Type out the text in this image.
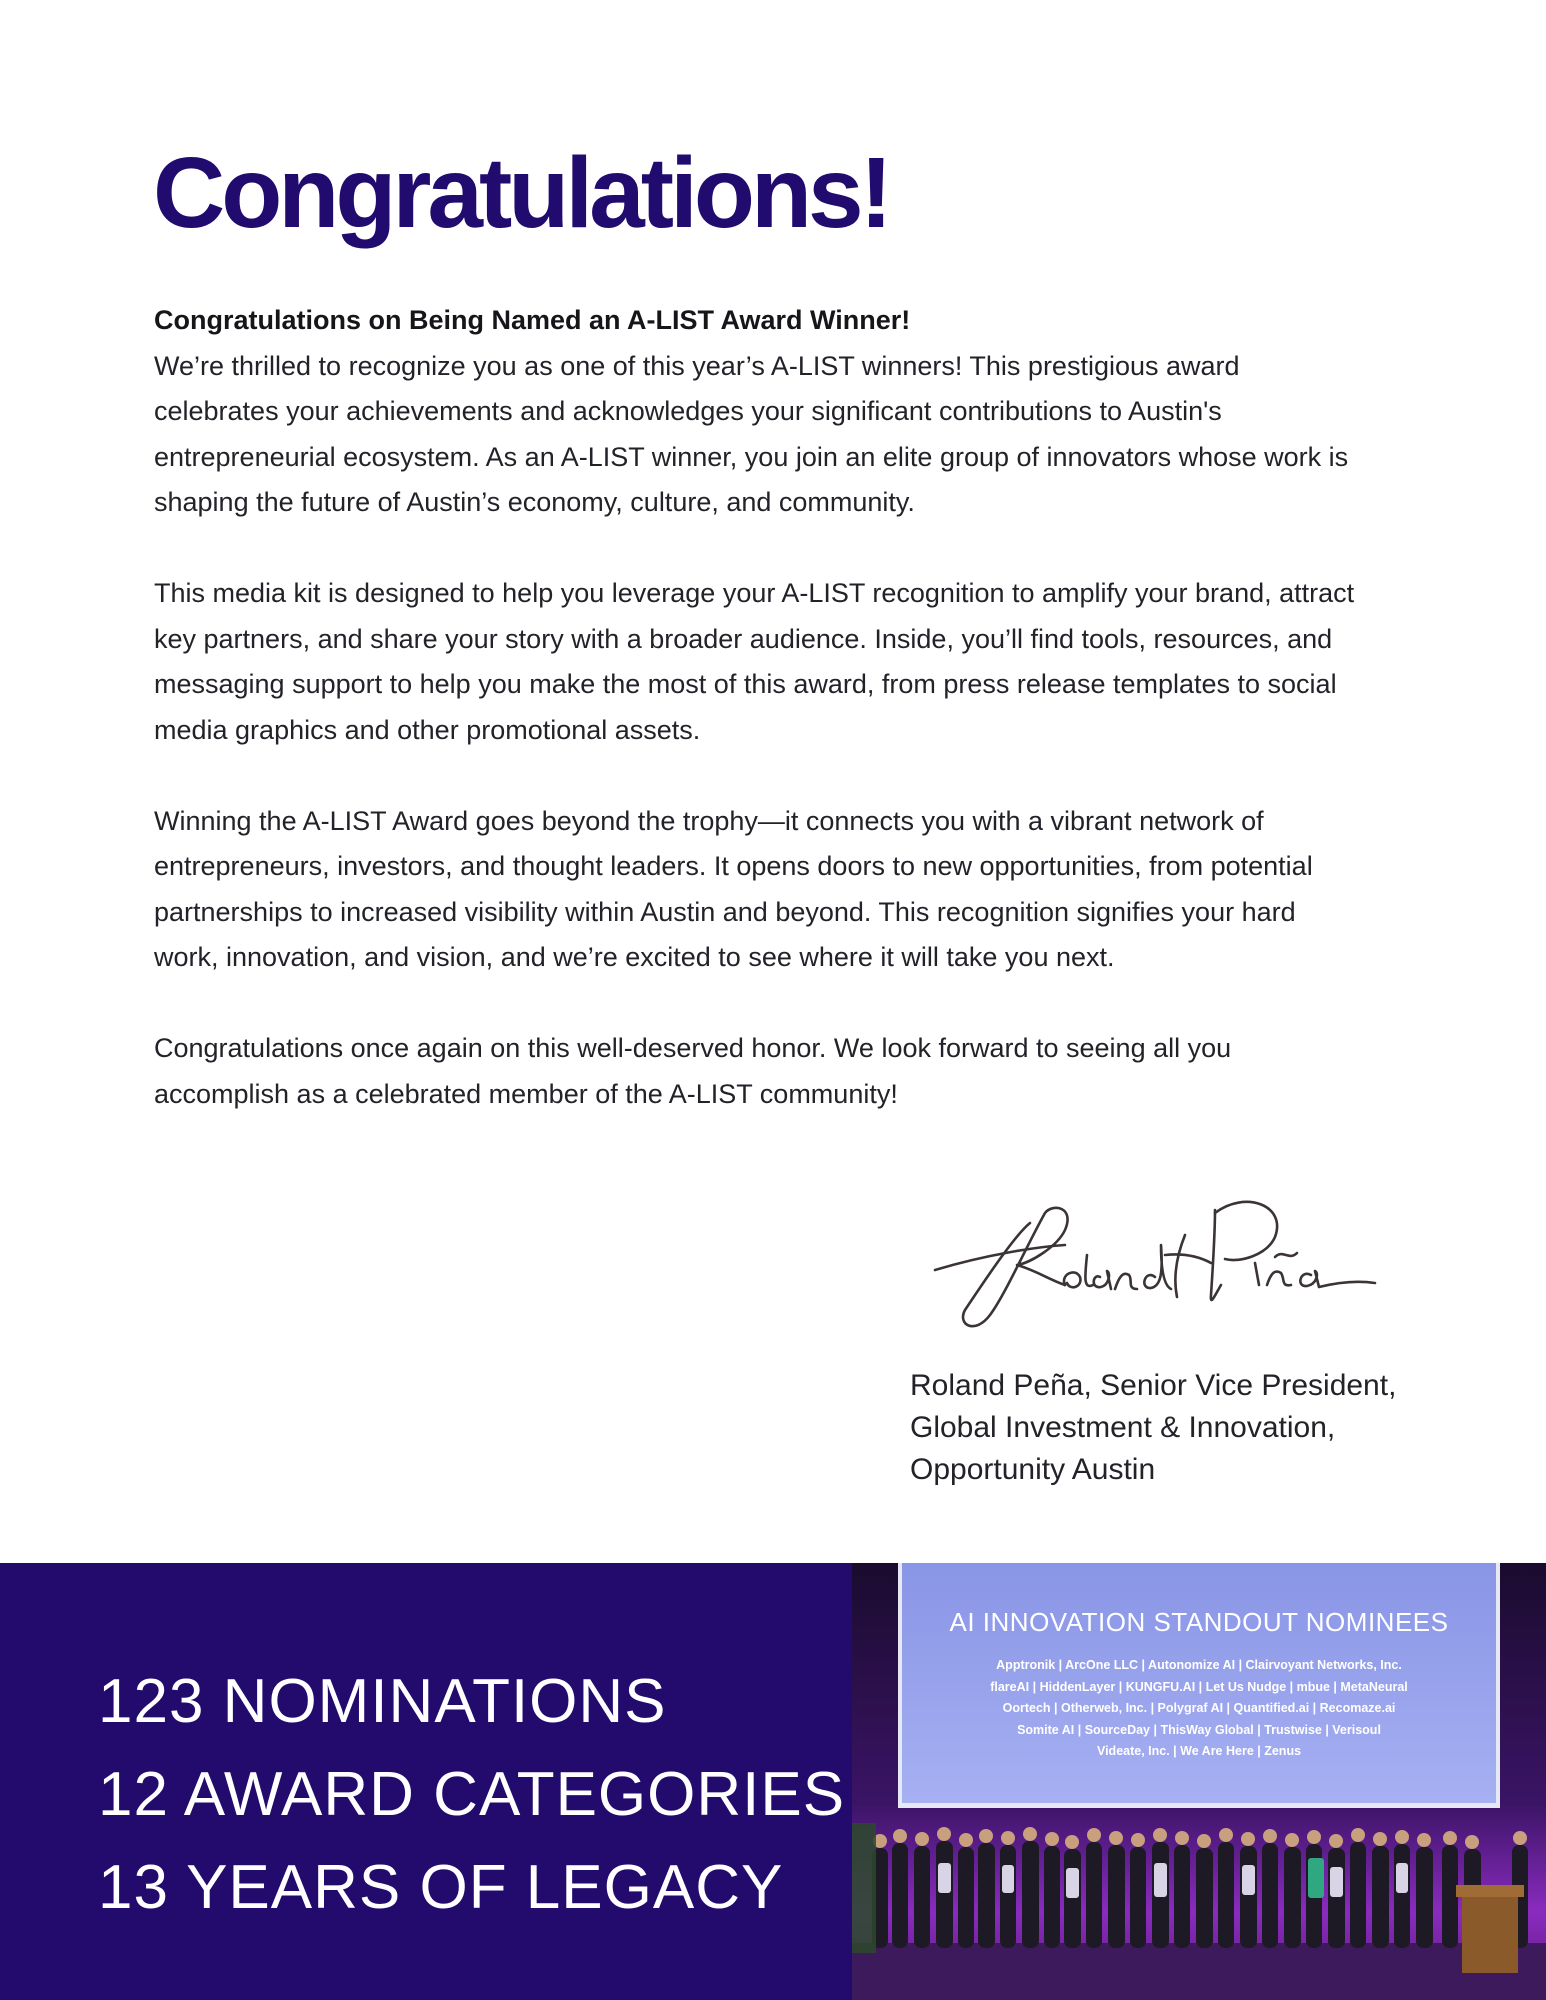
Congratulations!

Congratulations on Being Named an A-LIST Award Winner!
We’re thrilled to recognize you as one of this year’s A-LIST winners! This prestigious award celebrates your achievements and acknowledges your significant contributions to Austin's entrepreneurial ecosystem. As an A-LIST winner, you join an elite group of innovators whose work is shaping the future of Austin’s economy, culture, and community.

This media kit is designed to help you leverage your A-LIST recognition to amplify your brand, attract key partners, and share your story with a broader audience. Inside, you’ll find tools, resources, and messaging support to help you make the most of this award, from press release templates to social media graphics and other promotional assets.

Winning the A-LIST Award goes beyond the trophy—it connects you with a vibrant network of entrepreneurs, investors, and thought leaders. It opens doors to new opportunities, from potential partnerships to increased visibility within Austin and beyond. This recognition signifies your hard work, innovation, and vision, and we’re excited to see where it will take you next.

Congratulations once again on this well-deserved honor. We look forward to seeing all you accomplish as a celebrated member of the A-LIST community!

Roland Peña, Senior Vice President,
Global Investment & Innovation,
Opportunity Austin
123 NOMINATIONS
12 AWARD CATEGORIES
13 YEARS OF LEGACY
AI INNOVATION STANDOUT NOMINEES
Apptronik | ArcOne LLC | Autonomize AI | Clairvoyant Networks, Inc.
flareAI | HiddenLayer | KUNGFU.AI | Let Us Nudge | mbue | MetaNeural
Oortech | Otherweb, Inc. | Polygraf AI | Quantified.ai | Recomaze.ai
Somite AI | SourceDay | ThisWay Global | Trustwise | Verisoul
Videate, Inc. | We Are Here | Zenus
